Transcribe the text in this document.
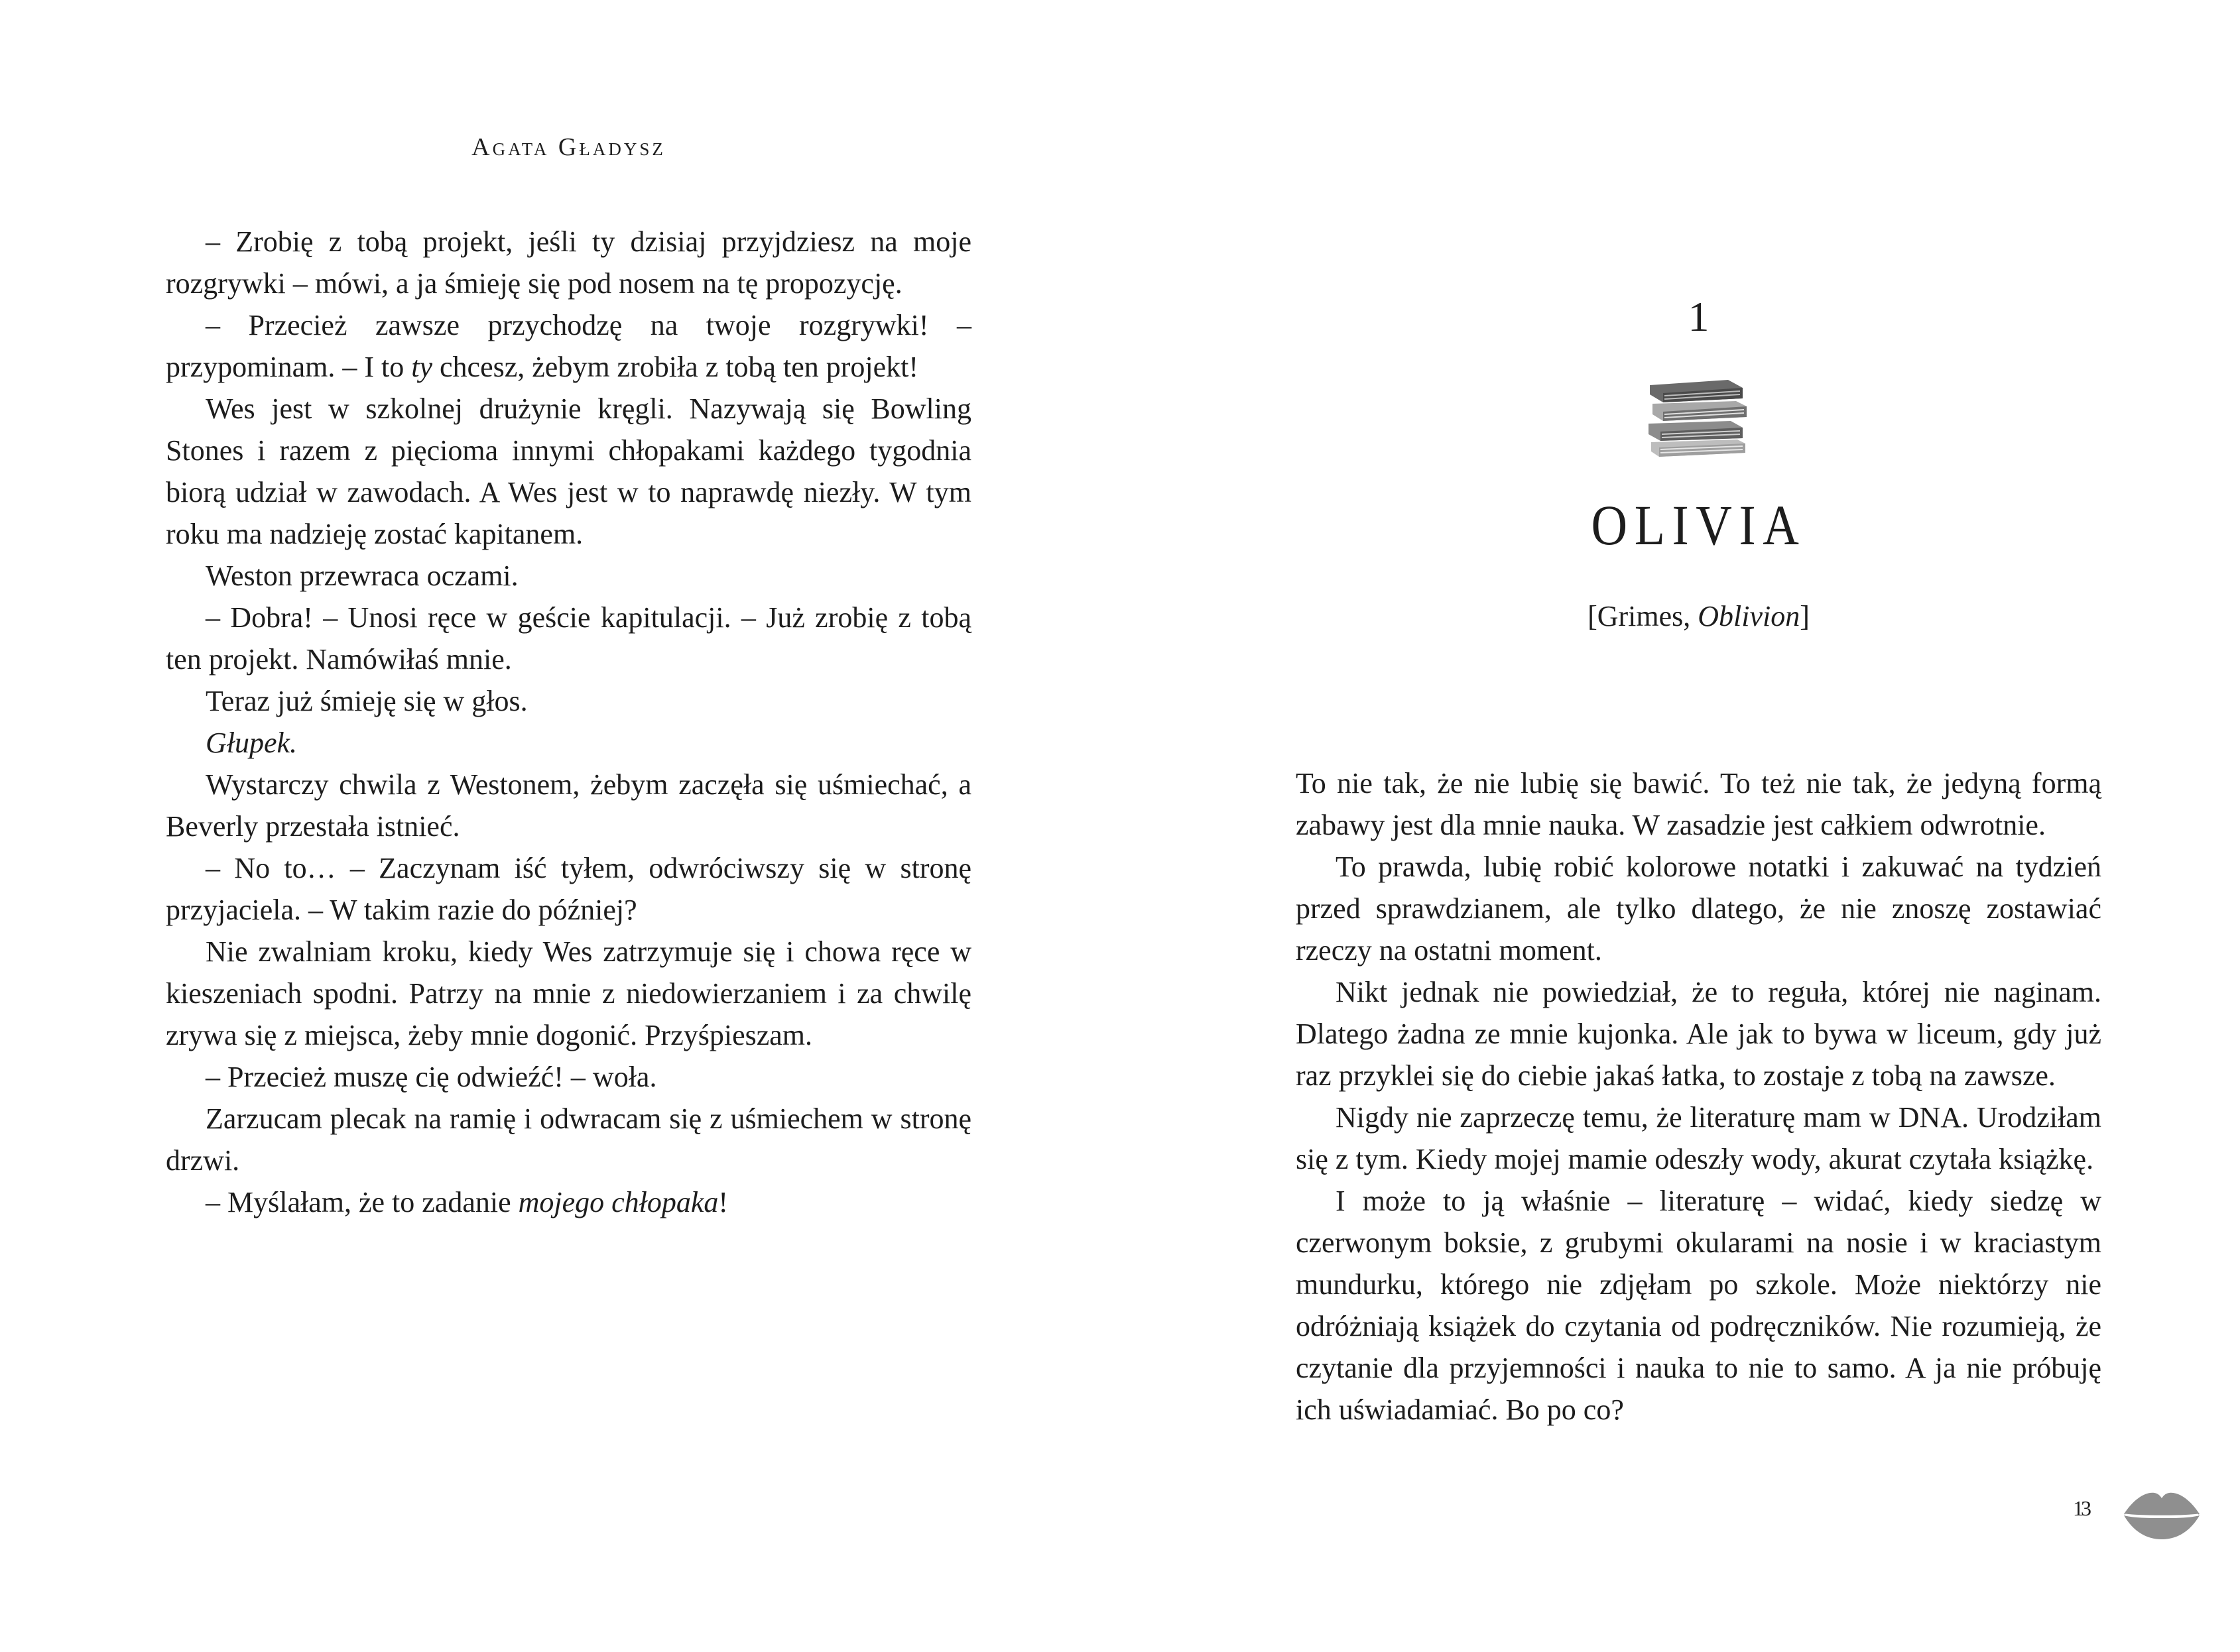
Agata Gładysz

– Zrobię z tobą projekt, jeśli ty dzisiaj przyjdziesz na moje rozgrywki – mówi, a ja śmieję się pod nosem na tę propozycję.

– Przecież zawsze przychodzę na twoje rozgrywki! – przypominam. – I to ty chcesz, żebym zrobiła z tobą ten projekt!

Wes jest w szkolnej drużynie kręgli. Nazywają się Bowling Stones i razem z pięcioma innymi chłopakami każdego tygodnia biorą udział w zawodach. A Wes jest w to naprawdę niezły. W tym roku ma nadzieję zostać kapitanem.

Weston przewraca oczami.

– Dobra! – Unosi ręce w geście kapitulacji. – Już zrobię z tobą ten projekt. Namówiłaś mnie.

Teraz już śmieję się w głos.

Głupek.

Wystarczy chwila z Westonem, żebym zaczęła się uśmiechać, a Beverly przestała istnieć.

– No to… – Zaczynam iść tyłem, odwróciwszy się w stronę przyjaciela. – W takim razie do później?

Nie zwalniam kroku, kiedy Wes zatrzymuje się i chowa ręce w kieszeniach spodni. Patrzy na mnie z niedowierzaniem i za chwilę zrywa się z miejsca, żeby mnie dogonić. Przyśpieszam.

– Przecież muszę cię odwieźć! – woła.

Zarzucam plecak na ramię i odwracam się z uśmiechem w stronę drzwi.

– Myślałam, że to zadanie mojego chłopaka!

1
OLIVIA
[Grimes, Oblivion]

To nie tak, że nie lubię się bawić. To też nie tak, że jedyną formą zabawy jest dla mnie nauka. W zasadzie jest całkiem odwrotnie.

To prawda, lubię robić kolorowe notatki i zakuwać na tydzień przed sprawdzianem, ale tylko dlatego, że nie znoszę zostawiać rzeczy na ostatni moment.

Nikt jednak nie powiedział, że to reguła, której nie naginam. Dlatego żadna ze mnie kujonka. Ale jak to bywa w liceum, gdy już raz przyklei się do ciebie jakaś łatka, to zostaje z tobą na zawsze.

Nigdy nie zaprzeczę temu, że literaturę mam w DNA. Urodziłam się z tym. Kiedy mojej mamie odeszły wody, akurat czytała książkę.

I może to ją właśnie – literaturę – widać, kiedy siedzę w czerwonym boksie, z grubymi okularami na nosie i w kraciastym mundurku, którego nie zdjęłam po szkole. Może niektórzy nie odróżniają książek do czytania od podręczników. Nie rozumieją, że czytanie dla przyjemności i nauka to nie to samo. A ja nie próbuję ich uświadamiać. Bo po co?

13
